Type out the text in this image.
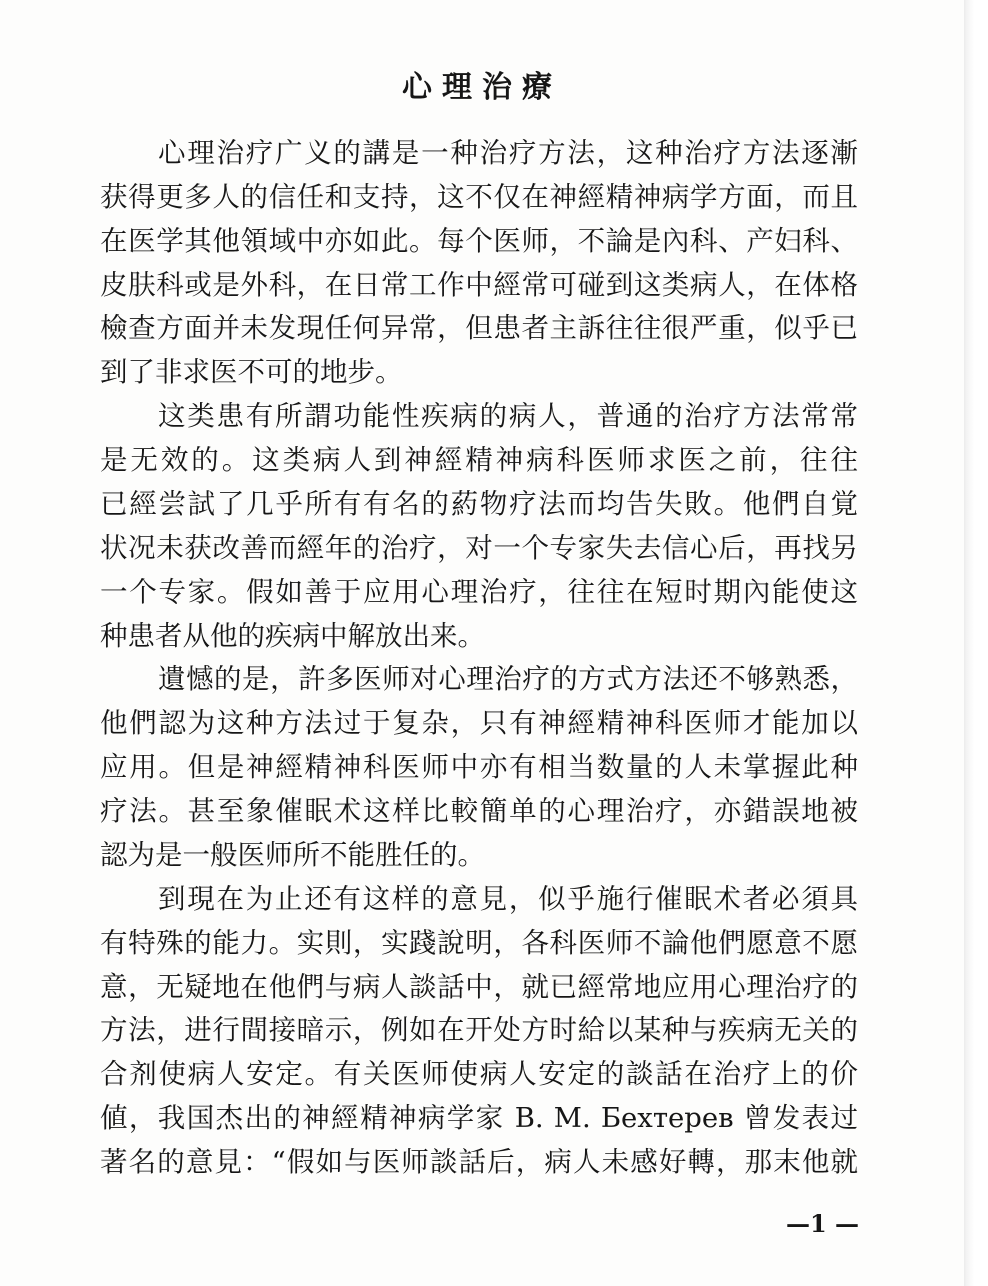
心理治療
心理治疗广义的講是一种治疗方法，这种治疗方法逐漸
获得更多人的信任和支持，这不仅在神經精神病学方面，而且
在医学其他領域中亦如此。每个医师，不論是內科、产妇科、
皮肤科或是外科，在日常工作中經常可碰到这类病人，在体格
檢查方面并未发現任何异常，但患者主訴往往很严重，似乎已
到了非求医不可的地步。
这类患有所謂功能性疾病的病人，普通的治疗方法常常
是无效的。这类病人到神經精神病科医师求医之前，往往
已經尝試了几乎所有有名的葯物疗法而均告失敗。他們自覚
状况未获改善而經年的治疗，对一个专家失去信心后，再找另
一个专家。假如善于应用心理治疗，往往在短时期內能使这
种患者从他的疾病中解放出来。
遺憾的是，許多医师对心理治疗的方式方法还不够熟悉，
他們認为这种方法过于复杂，只有神經精神科医师才能加以
应用。但是神經精神科医师中亦有相当数量的人未掌握此种
疗法。甚至象催眠术这样比較簡单的心理治疗，亦錯誤地被
認为是一般医师所不能胜任的。
到現在为止还有这样的意見，似乎施行催眠术者必須具
有特殊的能力。实則，实踐說明，各科医师不論他們愿意不愿
意，无疑地在他們与病人談話中，就已經常地应用心理治疗的
方法，进行間接暗示，例如在开处方时給以某种与疾病无关的
合剂使病人安定。有关医师使病人安定的談話在治疗上的价
値，我国杰出的神經精神病学家 В. М. Бехтерев 曾发表过
著名的意見：“假如与医师談話后，病人未感好轉，那末他就
—1 —
